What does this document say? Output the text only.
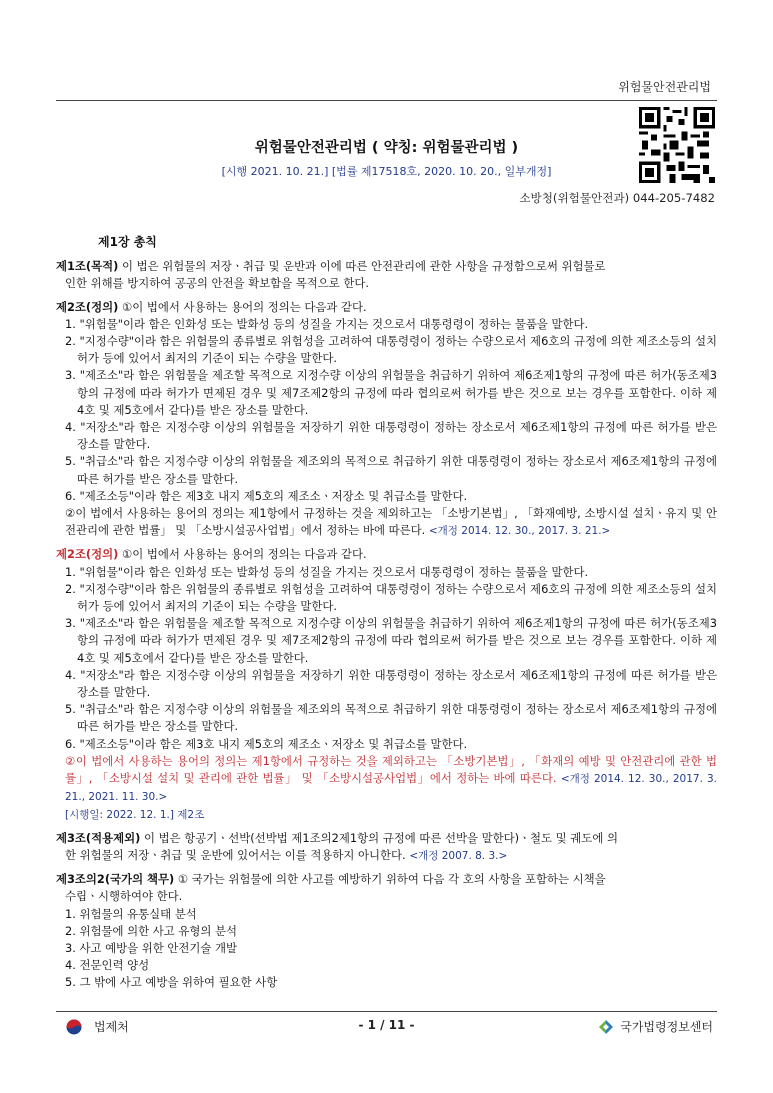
위험물안전관리법
위험물안전관리법 ( 약칭: 위험물관리법 )
[시행 2021. 10. 21.] [법률 제17518호, 2020. 10. 20., 일부개정]
소방청(위험물안전과) 044-205-7482
제1장 총칙
제1조(목적) 이 법은 위험물의 저장ㆍ취급 및 운반과 이에 따른 안전관리에 관한 사항을 규정함으로써 위험물로
인한 위해를 방지하여 공공의 안전을 확보함을 목적으로 한다.
제2조(정의) ①이 법에서 사용하는 용어의 정의는 다음과 같다.
1. "위험물"이라 함은 인화성 또는 발화성 등의 성질을 가지는 것으로서 대통령령이 정하는 물품을 말한다.
2. "지정수량"이라 함은 위험물의 종류별로 위험성을 고려하여 대통령령이 정하는 수량으로서 제6호의 규정에 의한 제조소등의 설치허가 등에 있어서 최저의 기준이 되는 수량을 말한다.
3. "제조소"라 함은 위험물을 제조할 목적으로 지정수량 이상의 위험물을 취급하기 위하여 제6조제1항의 규정에 따른 허가(동조제3항의 규정에 따라 허가가 면제된 경우 및 제7조제2항의 규정에 따라 협의로써 허가를 받은 것으로 보는 경우를 포함한다. 이하 제4호 및 제5호에서 같다)를 받은 장소를 말한다.
4. "저장소"라 함은 지정수량 이상의 위험물을 저장하기 위한 대통령령이 정하는 장소로서 제6조제1항의 규정에 따른 허가를 받은 장소를 말한다.
5. "취급소"라 함은 지정수량 이상의 위험물을 제조외의 목적으로 취급하기 위한 대통령령이 정하는 장소로서 제6조제1항의 규정에 따른 허가를 받은 장소를 말한다.
6. "제조소등"이라 함은 제3호 내지 제5호의 제조소ㆍ저장소 및 취급소를 말한다.
②이 법에서 사용하는 용어의 정의는 제1항에서 규정하는 것을 제외하고는 「소방기본법」, 「화재예방, 소방시설 설치ㆍ유지 및 안전관리에 관한 법률」 및 「소방시설공사업법」에서 정하는 바에 따른다. <개정 2014. 12. 30., 2017. 3. 21.>
제2조(정의) ①이 법에서 사용하는 용어의 정의는 다음과 같다.
1. "위험물"이라 함은 인화성 또는 발화성 등의 성질을 가지는 것으로서 대통령령이 정하는 물품을 말한다.
2. "지정수량"이라 함은 위험물의 종류별로 위험성을 고려하여 대통령령이 정하는 수량으로서 제6호의 규정에 의한 제조소등의 설치허가 등에 있어서 최저의 기준이 되는 수량을 말한다.
3. "제조소"라 함은 위험물을 제조할 목적으로 지정수량 이상의 위험물을 취급하기 위하여 제6조제1항의 규정에 따른 허가(동조제3항의 규정에 따라 허가가 면제된 경우 및 제7조제2항의 규정에 따라 협의로써 허가를 받은 것으로 보는 경우를 포함한다. 이하 제4호 및 제5호에서 같다)를 받은 장소를 말한다.
4. "저장소"라 함은 지정수량 이상의 위험물을 저장하기 위한 대통령령이 정하는 장소로서 제6조제1항의 규정에 따른 허가를 받은 장소를 말한다.
5. "취급소"라 함은 지정수량 이상의 위험물을 제조외의 목적으로 취급하기 위한 대통령령이 정하는 장소로서 제6조제1항의 규정에 따른 허가를 받은 장소를 말한다.
6. "제조소등"이라 함은 제3호 내지 제5호의 제조소ㆍ저장소 및 취급소를 말한다.
②이 법에서 사용하는 용어의 정의는 제1항에서 규정하는 것을 제외하고는 「소방기본법」, 「화재의 예방 및 안전관리에 관한 법률」, 「소방시설 설치 및 관리에 관한 법률」 및 「소방시설공사업법」에서 정하는 바에 따른다. <개정 2014. 12. 30., 2017. 3. 21., 2021. 11. 30.>
[시행일: 2022. 12. 1.] 제2조
제3조(적용제외) 이 법은 항공기ㆍ선박(선박법 제1조의2제1항의 규정에 따른 선박을 말한다)ㆍ철도 및 궤도에 의
한 위험물의 저장ㆍ취급 및 운반에 있어서는 이를 적용하지 아니한다. <개정 2007. 8. 3.>
제3조의2(국가의 책무) ① 국가는 위험물에 의한 사고를 예방하기 위하여 다음 각 호의 사항을 포함하는 시책을
수립ㆍ시행하여야 한다.
1. 위험물의 유통실태 분석
2. 위험물에 의한 사고 유형의 분석
3. 사고 예방을 위한 안전기술 개발
4. 전문인력 양성
5. 그 밖에 사고 예방을 위하여 필요한 사항
- 1 / 11 -
법제처	국가법령정보센터
